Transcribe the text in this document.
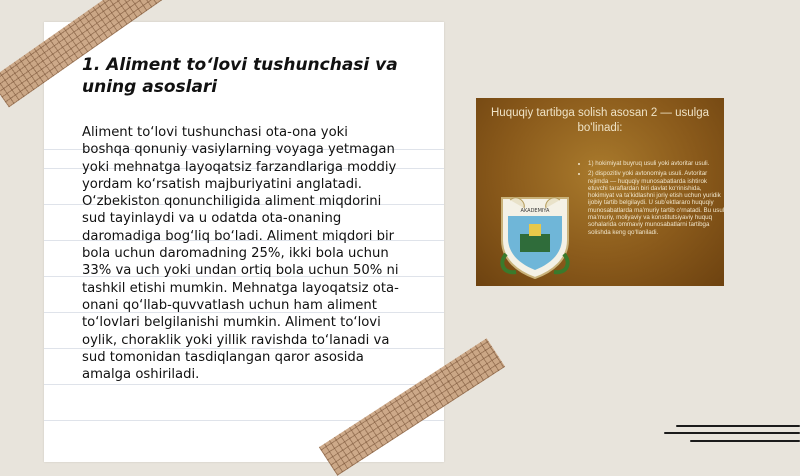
1. Aliment to‘lovi tushunchasi va uning asoslari
Aliment to‘lovi tushunchasi ota-ona yoki boshqa qonuniy vasiylarning voyaga yetmagan yoki mehnatga layoqatsiz farzandlariga moddiy yordam ko‘rsatish majburiyatini anglatadi. O‘zbekiston qonunchiligida aliment miqdorini sud tayinlaydi va u odatda ota-onaning daromadiga bog‘liq bo‘ladi. Aliment miqdori bir bola uchun daromadning 25%, ikki bola uchun 33% va uch yoki undan ortiq bola uchun 50% ni tashkil etishi mumkin. Mehnatga layoqatsiz ota-onani qo‘llab-quvvatlash uchun ham aliment to‘lovlari belgilanishi mumkin. Aliment to‘lovi oylik, choraklik yoki yillik ravishda to‘lanadi va sud tomonidan tasdiqlangan qaror asosida amalga oshiriladi.
Huquqiy tartibga solish asosan 2 — usulga bo'linadi:
AKADEMIYA
• 1) hokimiyat buyruq usuli yoki avtoritar usuli.
• 2) dispozitiv yoki avtonomiya usuli. Avtoritar rejimda — huquqiy munosabatlarda ishtirok etuvchi taraflardan biri davlat ko‘rinishida, hokimiyat va ta’kidlashni joriy etish uchun yuridik ijobiy tartib belgilaydi. U sub’ektlararo huquqiy munosabatlarda ma’muriy tartib o‘rnatadi. Bu usul ma’muriy, moliyaviy va konstitutsiyaviy huquq sohalarida ommaviy munosabatlarni tartibga solishda keng qo‘llaniladi.
